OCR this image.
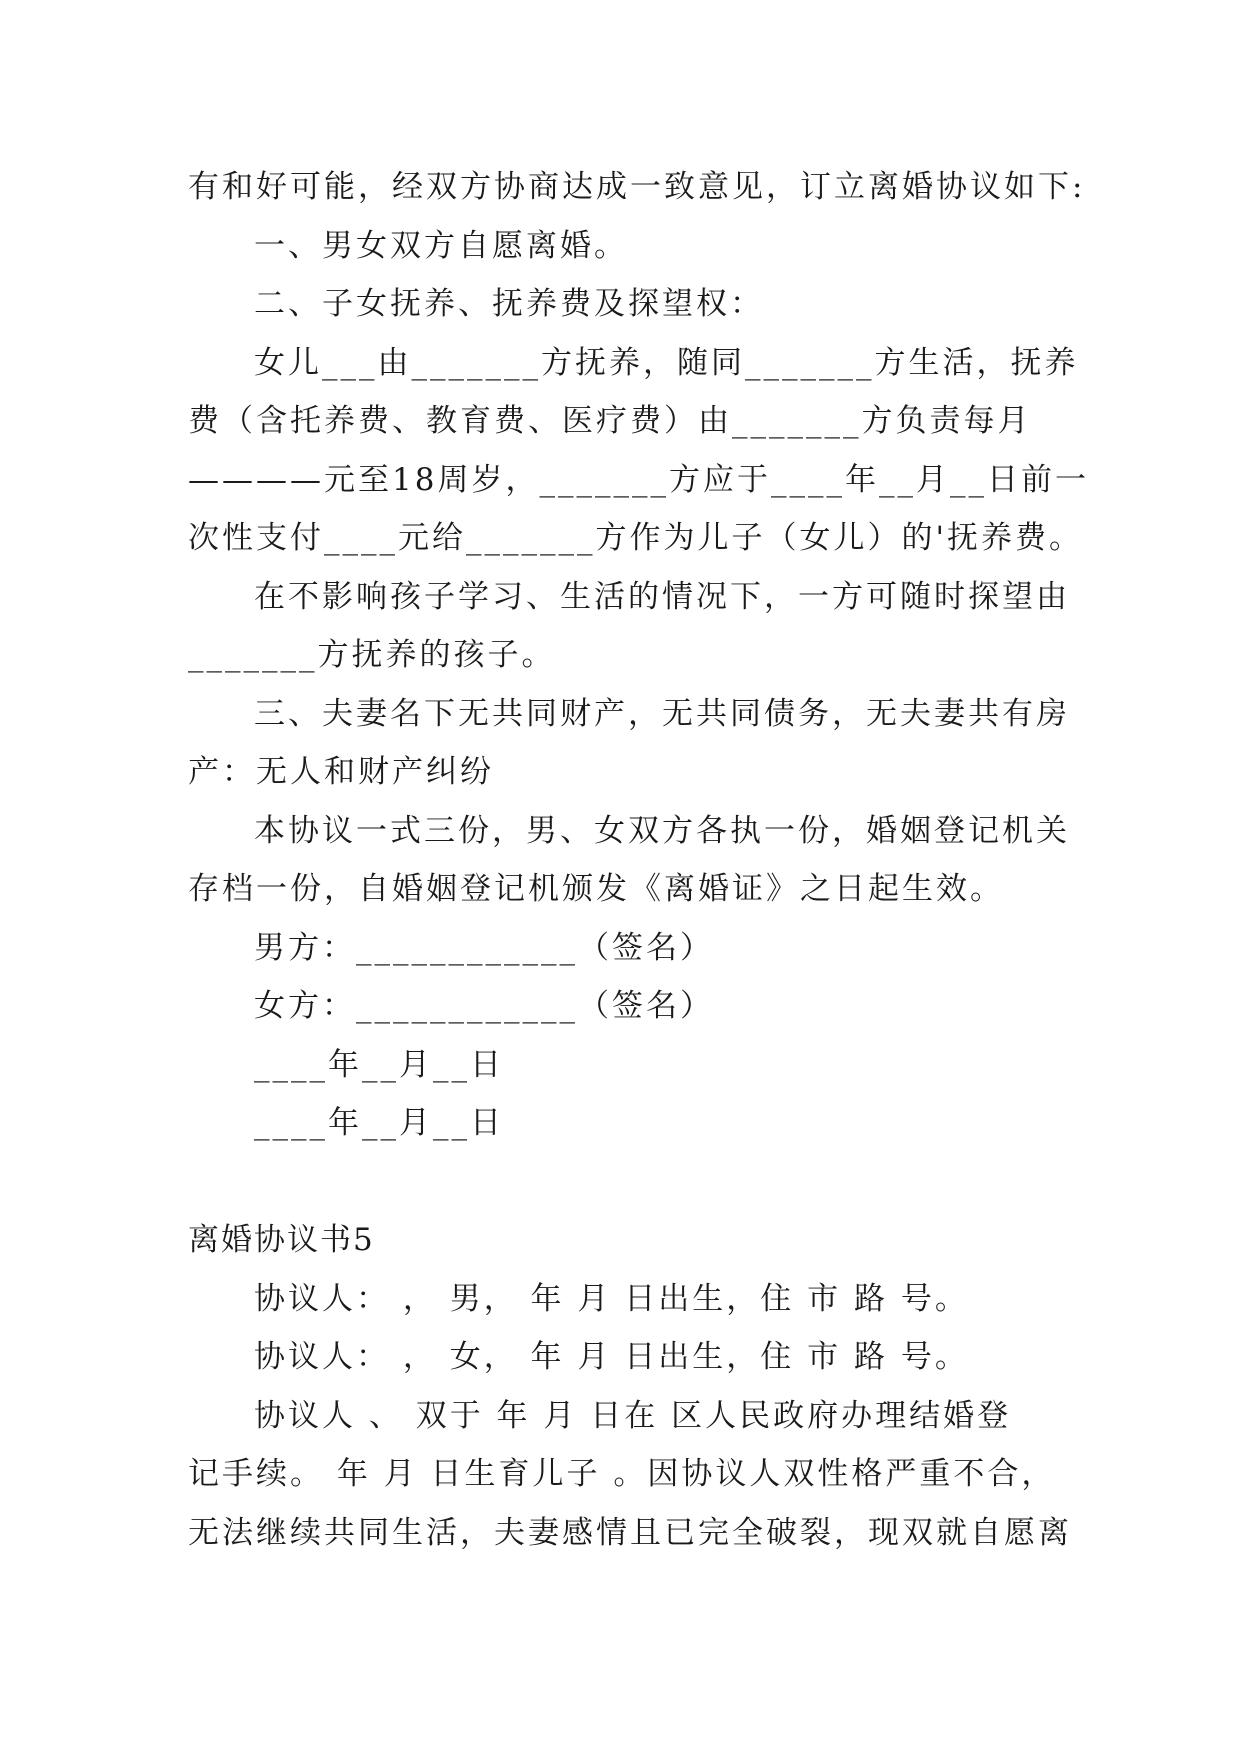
有和好可能，经双方协商达成一致意见，订立离婚协议如下:
一、男女双方自愿离婚。
二、子女抚养、抚养费及探望权：
女儿___由_______方抚养，随同_______方生活，抚养
费（含托养费、教育费、医疗费）由_______方负责每月
————元至18周岁，_______方应于____年__月__日前一
次性支付____元给_______方作为儿子（女儿）的'抚养费。
在不影响孩子学习、生活的情况下，一方可随时探望由
_______方抚养的孩子。
三、夫妻名下无共同财产，无共同债务，无夫妻共有房
产：无人和财产纠纷
本协议一式三份，男、女双方各执一份，婚姻登记机关
存档一份，自婚姻登记机颁发《离婚证》之日起生效。
男方：____________（签名）
女方：____________（签名）
____年__月__日
____年__月__日
离婚协议书5
协议人： ， 男， 年 月 日出生，住 市 路 号。
协议人： ， 女， 年 月 日出生，住 市 路 号。
协议人 、 双于 年 月 日在 区人民政府办理结婚登
记手续。 年 月 日生育儿子 。因协议人双性格严重不合，
无法继续共同生活，夫妻感情且已完全破裂，现双就自愿离
